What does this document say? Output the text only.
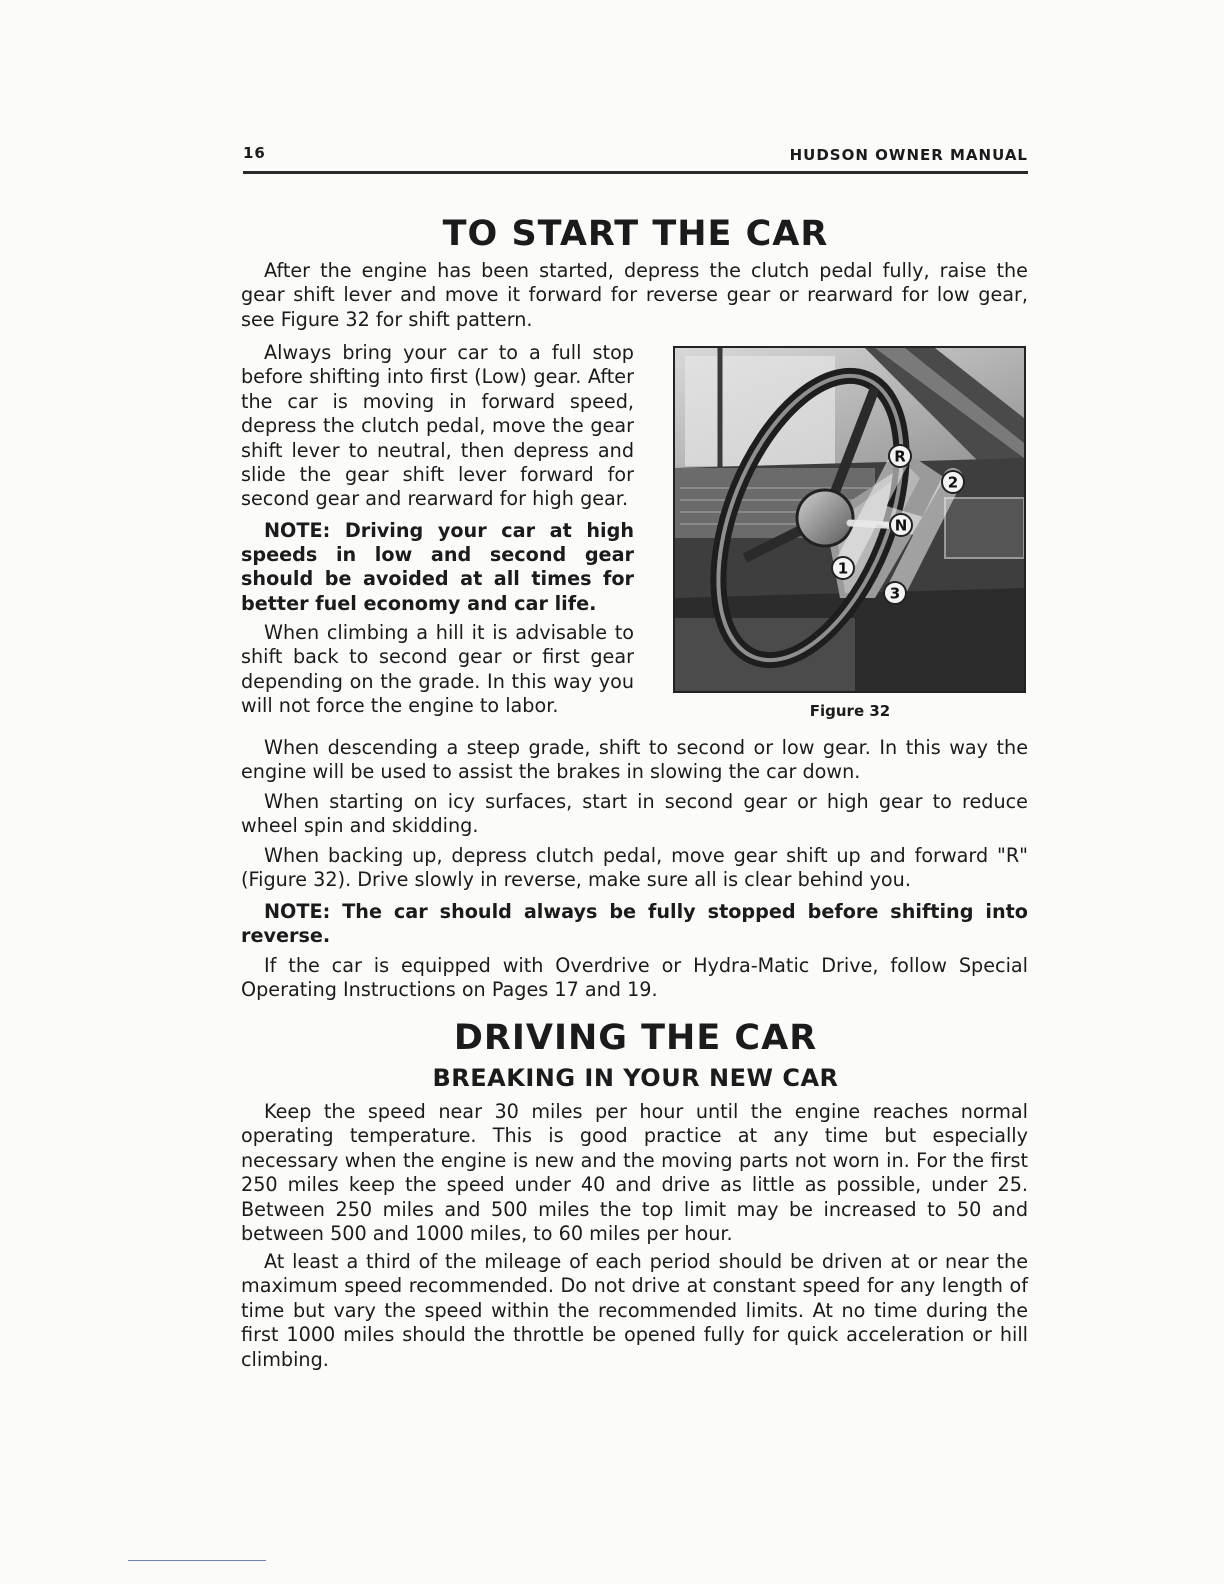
16	HUDSON OWNER MANUAL
TO START THE CAR

After the engine has been started, depress the clutch pedal fully, raise the gear shift lever and move it forward for reverse gear or rearward for low gear, see Figure 32 for shift pattern.

Always bring your car to a full stop before shifting into first (Low) gear. After the car is moving in forward speed, depress the clutch pedal, move the gear shift lever to neutral, then depress and slide the gear shift lever forward for second gear and rearward for high gear.

NOTE: Driving your car at high speeds in low and second gear should be avoided at all times for better fuel economy and car life.

When climbing a hill it is advisable to shift back to second gear or first gear depending on the grade. In this way you will not force the engine to labor.

R
2
N
1
3
Figure 32

When descending a steep grade, shift to second or low gear. In this way the engine will be used to assist the brakes in slowing the car down.

When starting on icy surfaces, start in second gear or high gear to reduce wheel spin and skidding.

When backing up, depress clutch pedal, move gear shift up and forward "R" (Figure 32). Drive slowly in reverse, make sure all is clear behind you.

NOTE: The car should always be fully stopped before shifting into reverse.

If the car is equipped with Overdrive or Hydra-Matic Drive, follow Special Operating Instructions on Pages 17 and 19.

DRIVING THE CAR
BREAKING IN YOUR NEW CAR

Keep the speed near 30 miles per hour until the engine reaches normal operating temperature. This is good practice at any time but especially necessary when the engine is new and the moving parts not worn in. For the first 250 miles keep the speed under 40 and drive as little as possible, under 25. Between 250 miles and 500 miles the top limit may be increased to 50 and between 500 and 1000 miles, to 60 miles per hour.

At least a third of the mileage of each period should be driven at or near the maximum speed recommended. Do not drive at constant speed for any length of time but vary the speed within the recommended limits. At no time during the first 1000 miles should the throttle be opened fully for quick acceleration or hill climbing.
